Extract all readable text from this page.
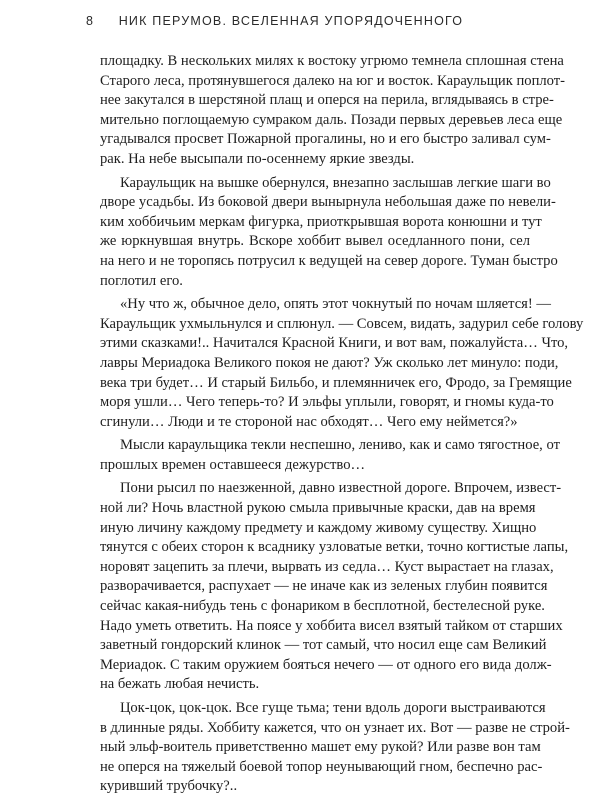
8 НИК ПЕРУМОВ. ВСЕЛЕННАЯ УПОРЯДОЧЕННОГО
площадку. В нескольких милях к востоку угрюмо темнела сплошная стена
Старого леса, протянувшегося далеко на юг и восток. Караульщик поплот-
нее закутался в шерстяной плащ и оперся на перила, вглядываясь в стре-
мительно поглощаемую сумраком даль. Позади первых деревьев леса еще
угадывался просвет Пожарной прогалины, но и его быстро заливал сум-
рак. На небе высыпали по-осеннему яркие звезды.
Караульщик на вышке обернулся, внезапно заслышав легкие шаги во
дворе усадьбы. Из боковой двери вынырнула небольшая даже по невели-
ким хоббичьим меркам фигурка, приоткрывшая ворота конюшни и тут
же юркнувшая внутрь. Вскоре хоббит вывел оседланного пони, сел
на него и не торопясь потрусил к ведущей на север дороге. Туман быстро
поглотил его.
«Ну что ж, обычное дело, опять этот чокнутый по ночам шляется! —
Караульщик ухмыльнулся и сплюнул. — Совсем, видать, задурил себе голову
этими сказками!.. Начитался Красной Книги, и вот вам, пожалуйста… Что,
лавры Мериадока Великого покоя не дают? Уж сколько лет минуло: поди,
века три будет… И старый Бильбо, и племянничек его, Фродо, за Гремящие
моря ушли… Чего теперь-то? И эльфы уплыли, говорят, и гномы куда-то
сгинули… Люди и те стороной нас обходят… Чего ему неймется?»
Мысли караульщика текли неспешно, лениво, как и само тягостное, от
прошлых времен оставшееся дежурство…
Пони рысил по наезженной, давно известной дороге. Впрочем, извест-
ной ли? Ночь властной рукою смыла привычные краски, дав на время
иную личину каждому предмету и каждому живому существу. Хищно
тянутся с обеих сторон к всаднику узловатые ветки, точно когтистые лапы,
норовят зацепить за плечи, вырвать из седла… Куст вырастает на глазах,
разворачивается, распухает — не иначе как из зеленых глубин появится
сейчас какая-нибудь тень с фонариком в бесплотной, бестелесной руке.
Надо уметь ответить. На поясе у хоббита висел взятый тайком от старших
заветный гондорский клинок — тот самый, что носил еще сам Великий
Мериадок. С таким оружием бояться нечего — от одного его вида долж-
на бежать любая нечисть.
Цок-цок, цок-цок. Все гуще тьма; тени вдоль дороги выстраиваются
в длинные ряды. Хоббиту кажется, что он узнает их. Вот — разве не строй-
ный эльф-воитель приветственно машет ему рукой? Или разве вон там
не оперся на тяжелый боевой топор неунывающий гном, беспечно рас-
куривший трубочку?..
